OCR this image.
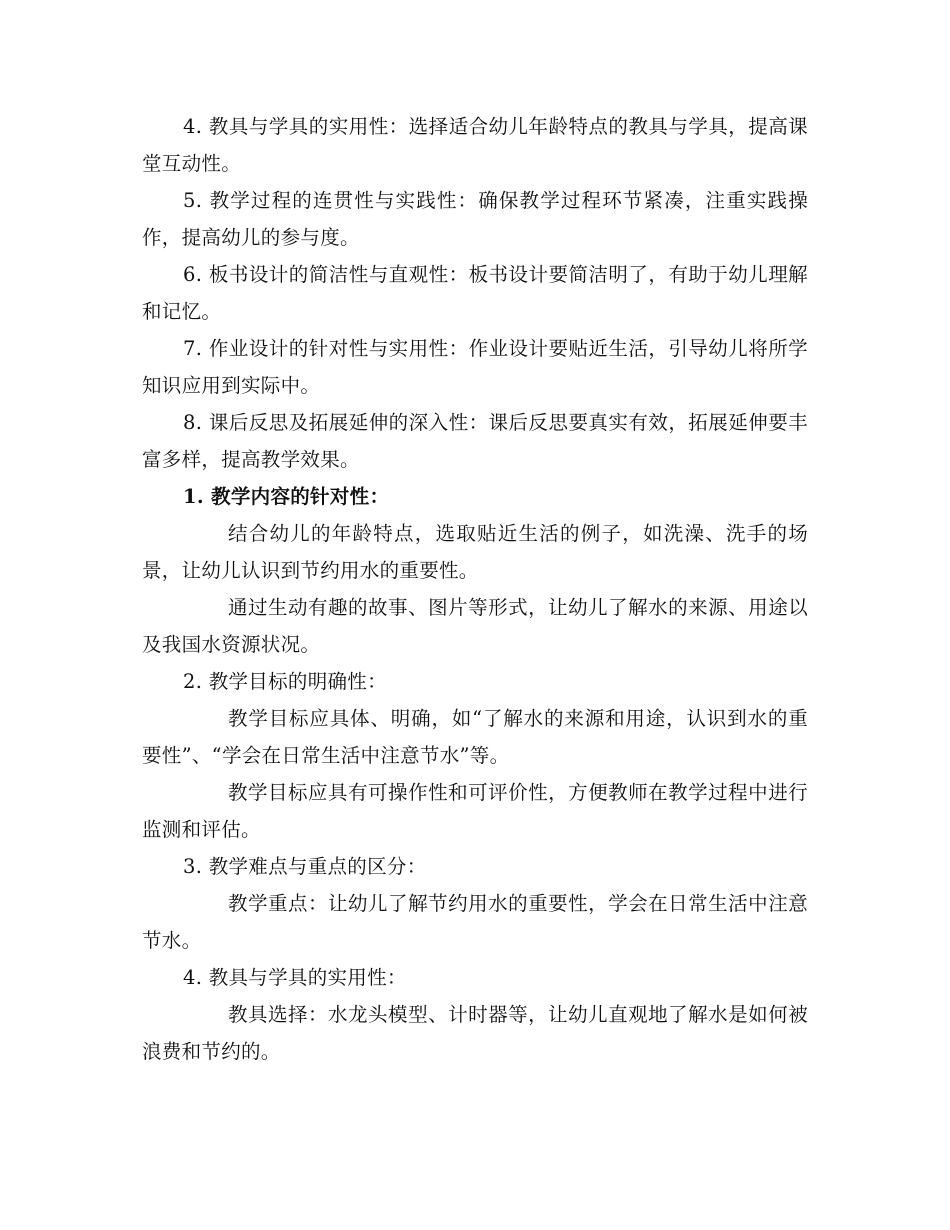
4. 教具与学具的实用性：选择适合幼儿年龄特点的教具与学具，提高课堂互动性。

5. 教学过程的连贯性与实践性：确保教学过程环节紧凑，注重实践操作，提高幼儿的参与度。

6. 板书设计的简洁性与直观性：板书设计要简洁明了，有助于幼儿理解和记忆。

7. 作业设计的针对性与实用性：作业设计要贴近生活，引导幼儿将所学知识应用到实际中。

8. 课后反思及拓展延伸的深入性：课后反思要真实有效，拓展延伸要丰富多样，提高教学效果。

1. 教学内容的针对性：

结合幼儿的年龄特点，选取贴近生活的例子，如洗澡、洗手的场景，让幼儿认识到节约用水的重要性。

通过生动有趣的故事、图片等形式，让幼儿了解水的来源、用途以及我国水资源状况。

2. 教学目标的明确性：

教学目标应具体、明确，如“了解水的来源和用途，认识到水的重要性”、“学会在日常生活中注意节水”等。

教学目标应具有可操作性和可评价性，方便教师在教学过程中进行监测和评估。

3. 教学难点与重点的区分：

教学重点：让幼儿了解节约用水的重要性，学会在日常生活中注意节水。

4. 教具与学具的实用性：

教具选择：水龙头模型、计时器等，让幼儿直观地了解水是如何被浪费和节约的。
